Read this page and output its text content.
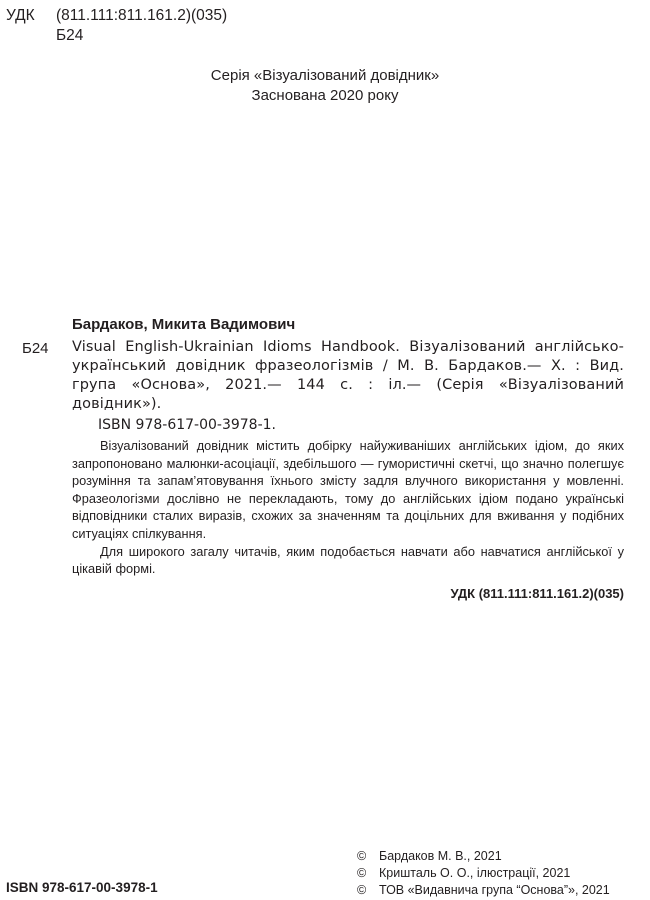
УДК	(811.111:811.161.2)(035)
Б24
Серія «Візуалізований довідник»
Заснована 2020 року
Бардаков, Микита Вадимович
Б24 Visual English-Ukrainian Idioms Handbook. Візуалізований англійсько-український довідник фразеологізмів / М. В. Бардаков.— Х. : Вид. група «Основа», 2021.— 144 с. : іл.— (Серія «Візуалізований довідник»).

ISBN 978-617-00-3978-1.

Візуалізований довідник містить добірку найуживаніших англійських ідіом, до яких запропоновано малюнки-асоціації, здебільшого — гумористичні скетчі, що значно полегшує розуміння та запам’ятовування їхнього змісту задля влучного використання у мовленні. Фразеологізми дослівно не перекладають, тому до англійських ідіом подано українські відповідники сталих виразів, схожих за значенням та доцільних для вживання у подібних ситуаціях спілкування.

Для широкого загалу читачів, яким подобається навчати або навчатися англійської у цікавій формі.

УДК (811.111:811.161.2)(035)
© Бардаков М. В., 2021
© Кришталь О. О., ілюстрації, 2021
© ТОВ «Видавнича група “Основа”», 2021
ISBN 978-617-00-3978-1
